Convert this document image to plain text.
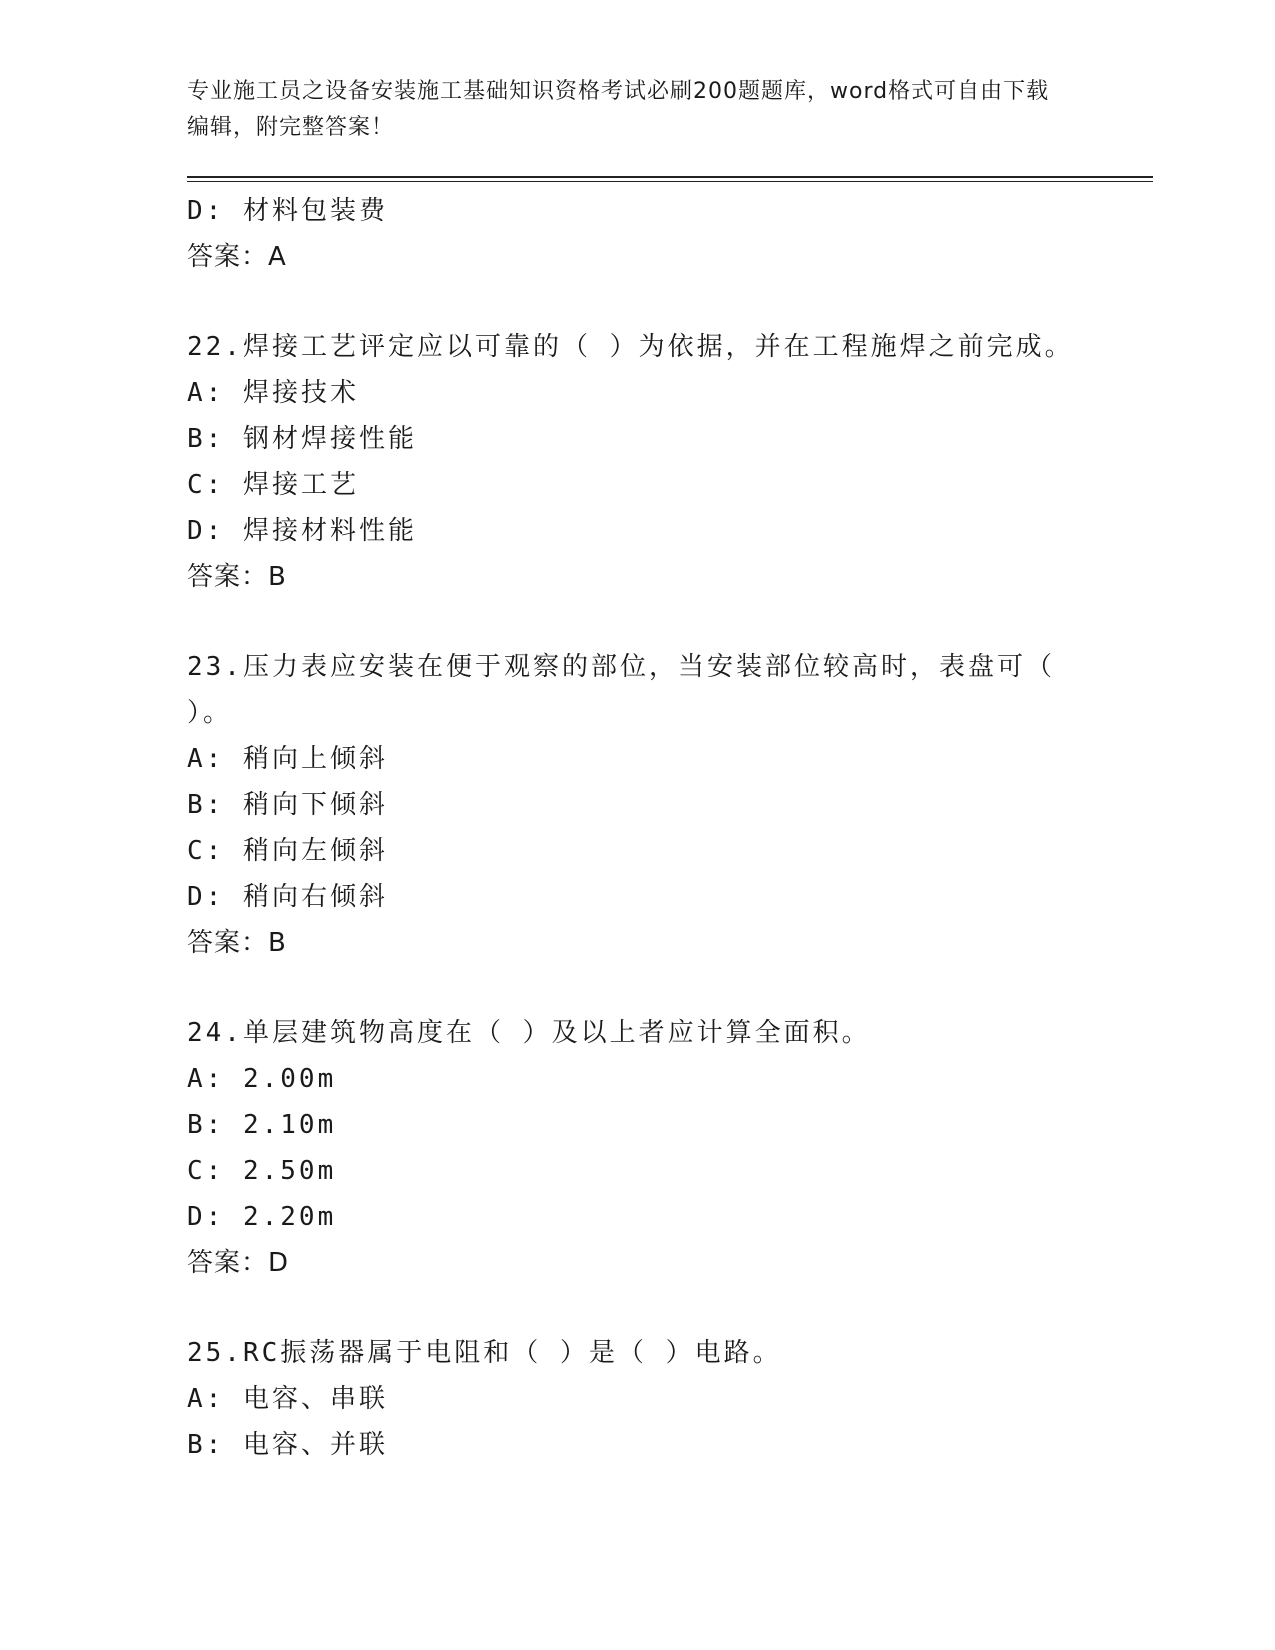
专业施工员之设备安装施工基础知识资格考试必刷200题题库，word格式可自由下载编辑，附完整答案！
D: 材料包装费
答案：A
22.焊接工艺评定应以可靠的（ ）为依据，并在工程施焊之前完成。
A: 焊接技术
B: 钢材焊接性能
C: 焊接工艺
D: 焊接材料性能
答案：B
23.压力表应安装在便于观察的部位，当安装部位较高时，表盘可（
）。
A: 稍向上倾斜
B: 稍向下倾斜
C: 稍向左倾斜
D: 稍向右倾斜
答案：B
24.单层建筑物高度在（ ）及以上者应计算全面积。
A: 2.00m
B: 2.10m
C: 2.50m
D: 2.20m
答案：D
25.RC振荡器属于电阻和（ ）是（ ）电路。
A: 电容、串联
B: 电容、并联
